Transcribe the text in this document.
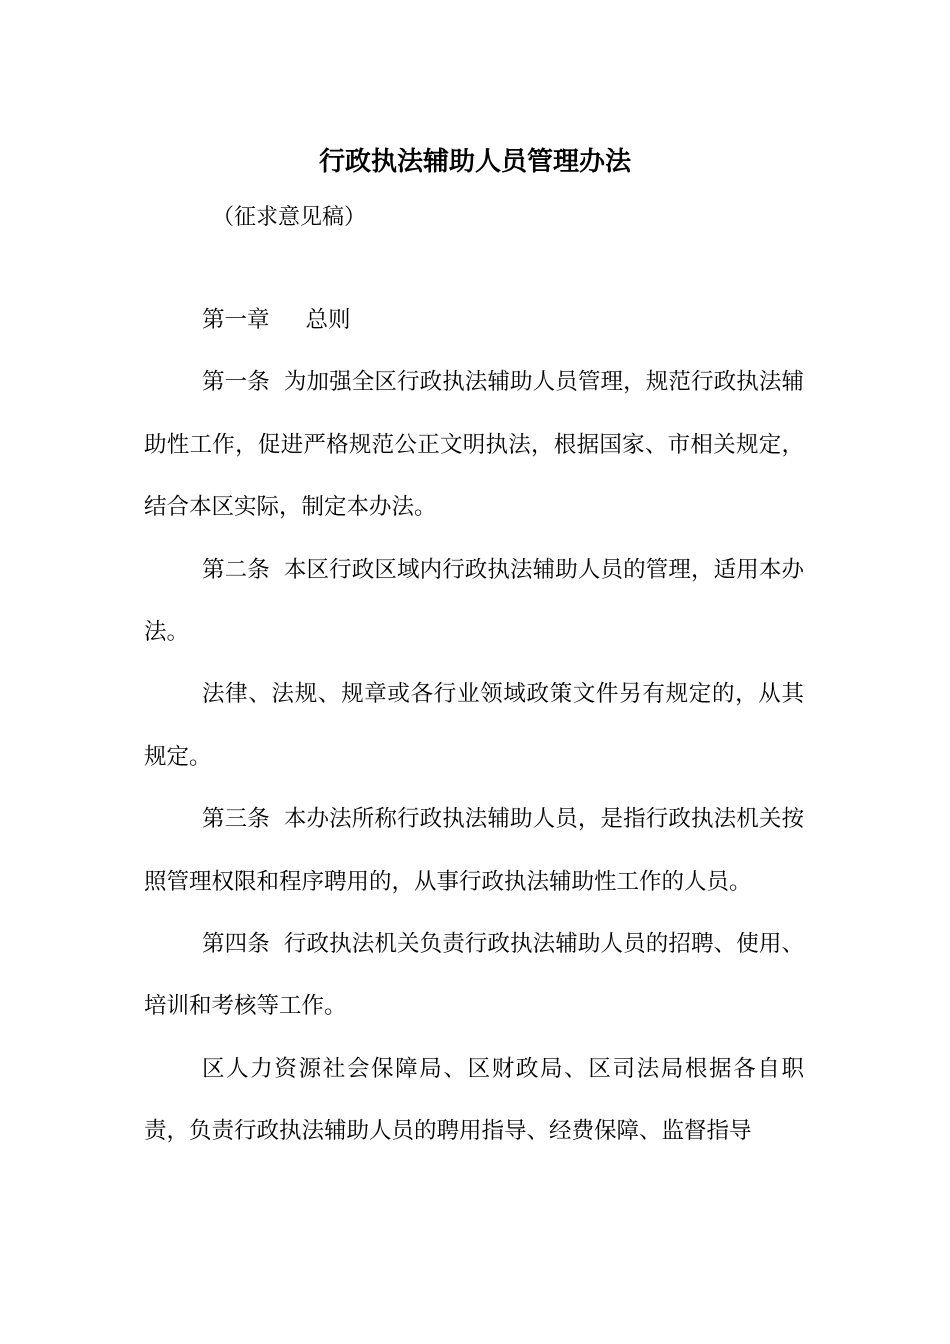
行政执法辅助人员管理办法
（征求意见稿）

第一章 总则

第一条 为加强全区行政执法辅助人员管理，规范行政执法辅助性工作，促进严格规范公正文明执法，根据国家、市相关规定，结合本区实际，制定本办法。

第二条 本区行政区域内行政执法辅助人员的管理，适用本办法。

法律、法规、规章或各行业领域政策文件另有规定的，从其规定。

第三条 本办法所称行政执法辅助人员，是指行政执法机关按照管理权限和程序聘用的，从事行政执法辅助性工作的人员。

第四条 行政执法机关负责行政执法辅助人员的招聘、使用、培训和考核等工作。

区人力资源社会保障局、区财政局、区司法局根据各自职责，负责行政执法辅助人员的聘用指导、经费保障、监督指导
